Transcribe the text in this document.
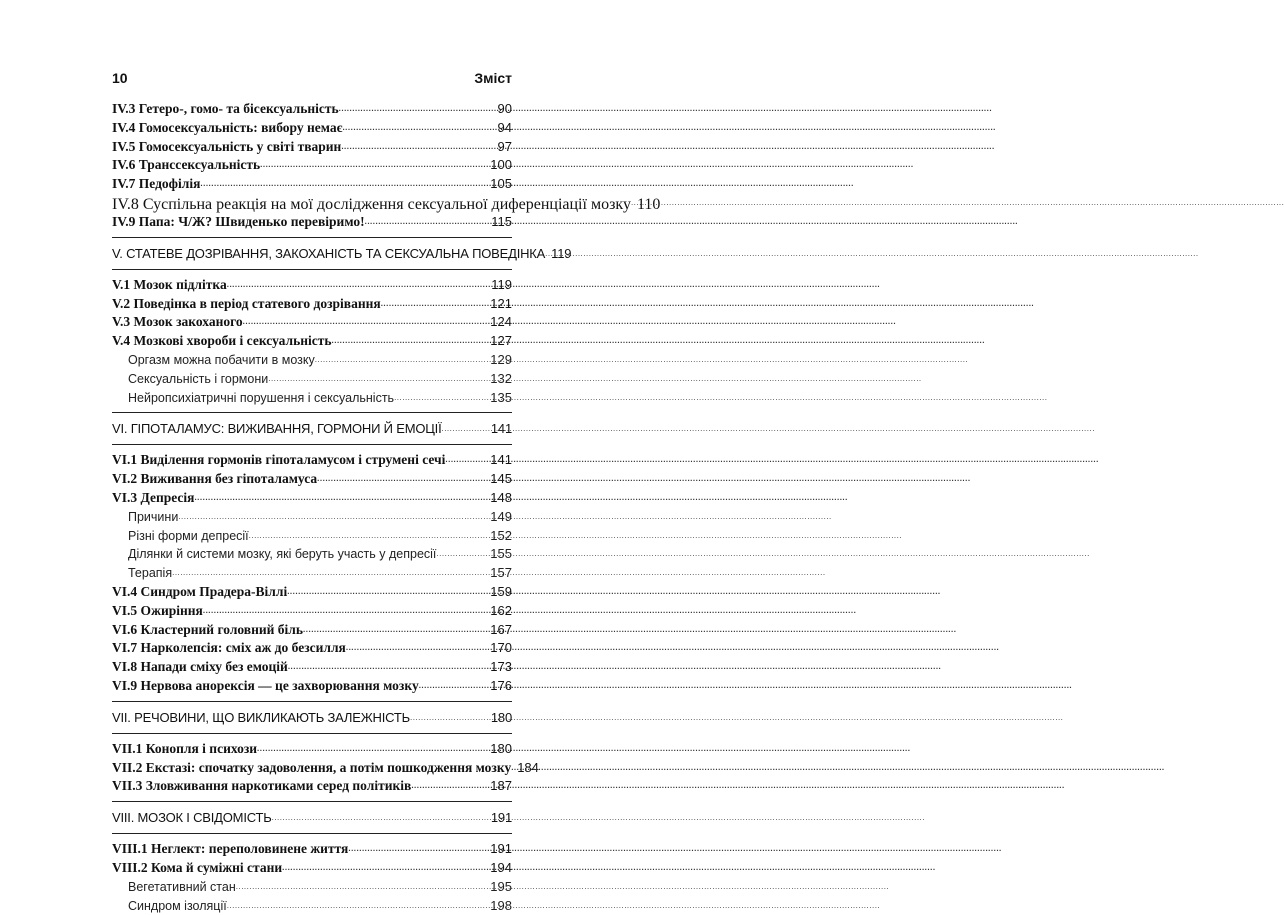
10	Зміст
IV.3 Гетеро-, гомо- та бісексуальність .....	90
IV.4 Гомосексуальність: вибору немає .....	94
IV.5 Гомосексуальність у світі тварин .....	97
IV.6 Транссексуальність .....	100
IV.7 Педофілія .....	105
IV.8 Суспільна реакція на мої дослідження сексуальної диференціації мозку ..... 110
IV.9 Папа: Ч/Ж? Швиденько перевіримо! .....	115
V. СТАТЕВЕ ДОЗРІВАННЯ, ЗАКОХАНІСТЬ ТА СЕКСУАЛЬНА ПОВЕДІНКА ..... 119
V.1 Мозок підлітка .....	119
V.2 Поведінка в період статевого дозрівання .....	121
V.3 Мозок закоханого .....	124
V.4 Мозкові хвороби і сексуальність .....	127
Оргазм можна побачити в мозку .....	129
Сексуальність і гормони .....	132
Нейропсихіатричні порушення і сексуальність .....	135
VI. ГІПОТАЛАМУС: ВИЖИВАННЯ, ГОРМОНИ Й ЕМОЦІЇ .....	141
VI.1 Виділення гормонів гіпоталамусом і струмені сечі .....	141
VI.2 Виживання без гіпоталамуса .....	145
VI.3 Депресія .....	148
Причини .....	149
Різні форми депресії .....	152
Ділянки й системи мозку, які беруть участь у депресії .....	155
Терапія .....	157
VI.4 Синдром Прадера-Віллі .....	159
VI.5 Ожиріння .....	162
VI.6 Кластерний головний біль .....	167
VI.7 Нарколепсія: сміх аж до безсилля .....	170
VI.8 Напади сміху без емоцій .....	173
VI.9 Нервова анорексія — це захворювання мозку .....	176
VII. РЕЧОВИНИ, ЩО ВИКЛИКАЮТЬ ЗАЛЕЖНІСТЬ .....	180
VII.1 Конопля і психози .....	180
VII.2 Екстазі: спочатку задоволення, а потім пошкодження мозку ..... 184
VII.3 Зловживання наркотиками серед політиків .....	187
VIII. МОЗОК І СВІДОМІСТЬ .....	191
VIII.1 Неглект: переполовинене життя .....	191
VIII.2 Кома й суміжні стани .....	194
Вегетативний стан .....	195
Синдром ізоляції .....	198
